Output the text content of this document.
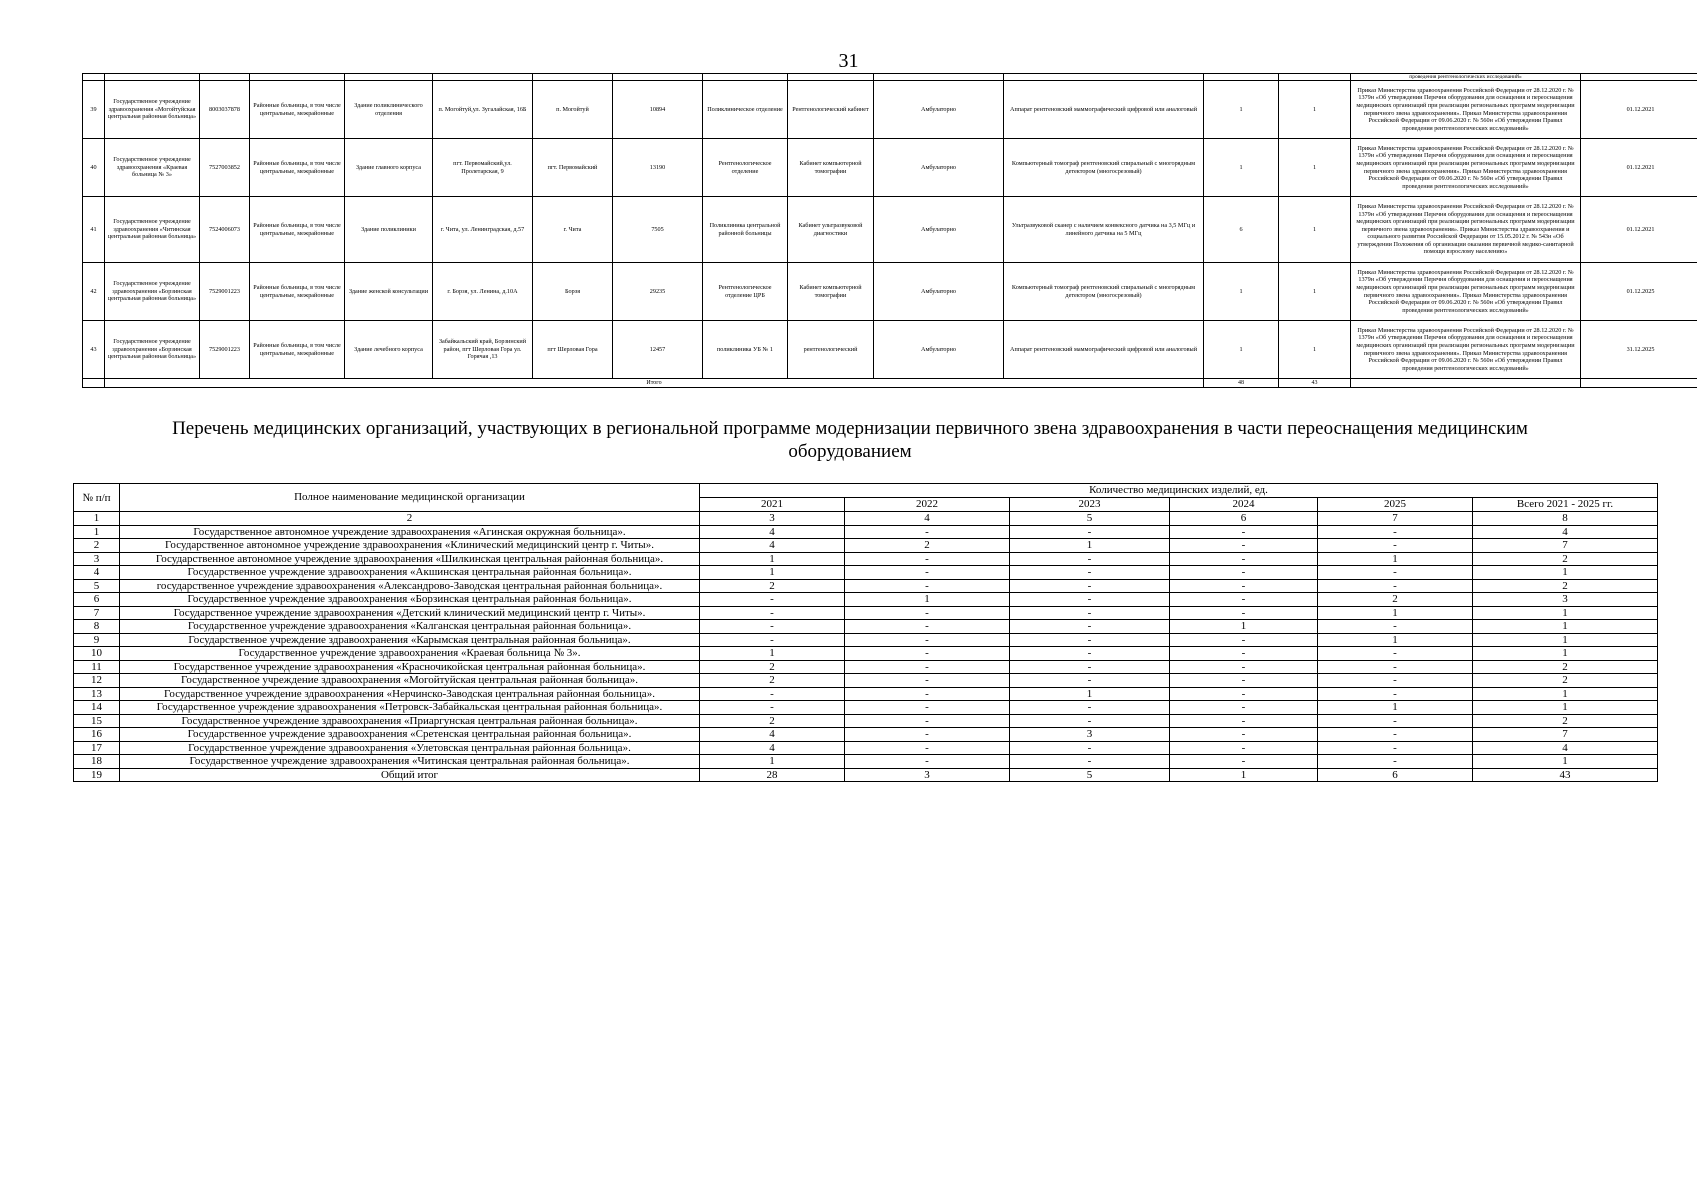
31
														проведения рентгенологических исследований»	
39	Государственное учреждение здравоохранения «Могойтуйская центральная районная больница»	8003037878	Районные больницы, в том числе центральные, межрайонные	Здание поликлинического отделения	п. Могойтуй,ул. Зугалайская, 16Б	п. Могойтуй	10894	Поликлиническое отделение	Рентгенологический кабинет	Амбулаторно	Аппарат рентгеновский маммографический цифровой или аналоговый	1	1	Приказ Министерства здравоохранения Российской Федерации от 28.12.2020 г. № 1379н «Об утверждении Перечня оборудования для оснащения и переоснащения медицинских организаций при реализации региональных программ модернизации первичного звена здравоохранения». Приказ Министерства здравоохранения Российской Федерации от 09.06.2020 г. № 560н «Об утверждении Правил проведения рентгенологических исследований»	01.12.2021
40	Государственное учреждение здравоохранения «Краевая больница № 3»	7527003852	Районные больницы, в том числе центральные, межрайонные	Здание главного корпуса	пгт. Первомайский,ул. Пролетарская, 9	пгт. Первомайский	13190	Рентгенологическое отделение	Кабинет компьютерной томографии	Амбулаторно	Компьютерный томограф рентгеновский спиральный с многорядным детектором (многосрезовый)	1	1	Приказ Министерства здравоохранения Российской Федерации от 28.12.2020 г. № 1379н «Об утверждении Перечня оборудования для оснащения и переоснащения медицинских организаций при реализации региональных программ модернизации первичного звена здравоохранения». Приказ Министерства здравоохранения Российской Федерации от 09.06.2020 г. № 560н «Об утверждении Правил проведения рентгенологических исследований»	01.12.2021
41	Государственное учреждение здравоохранения «Читинская центральная районная больница»	7524006073	Районные больницы, в том числе центральные, межрайонные	Здание поликлиники	г. Чита, ул. Ленинградская, д.57	г. Чита	7505	Поликлиника центральной районной больницы	Кабинет ультразвуковой диагностики	Амбулаторно	Ультразвуковой сканер с наличием конвексного датчика на 3,5 МГц и линейного датчика на 5 МГц	6	1	Приказ Министерства здравоохранения Российской Федерации от 28.12.2020 г. № 1379н «Об утверждении Перечня оборудования для оснащения и переоснащения медицинских организаций при реализации региональных программ модернизации первичного звена здравоохранения». Приказ Министерства здравоохранения и социального развития Российской Федерации от 15.05.2012 г. № 543н «Об утверждении Положения об организации оказания первичной медико-санитарной помощи взрослому населению»	01.12.2021
42	Государственное учреждение здравоохранения «Борзинская центральная районная больница»	7529001223	Районные больницы, в том числе центральные, межрайонные	Здание женской консультации	г. Борзя, ул. Ленина, д.10А	Борзя	29235	Рентгенологическое отделение ЦРБ	Кабинет компьютерной томографии	Амбулаторно	Компьютерный томограф рентгеновский спиральный с многорядным детектором (многосрезовый)	1	1	Приказ Министерства здравоохранения Российской Федерации от 28.12.2020 г. № 1379н «Об утверждении Перечня оборудования для оснащения и переоснащения медицинских организаций при реализации региональных программ модернизации первичного звена здравоохранения». Приказ Министерства здравоохранения Российской Федерации от 09.06.2020 г. № 560н «Об утверждении Правил проведения рентгенологических исследований»	01.12.2025
43	Государственное учреждение здравоохранения «Борзинская центральная районная больница»	7529001223	Районные больницы, в том числе центральные, межрайонные	Здание лечебного корпуса	Забайкальский край, Борзинский район, пгт Шерловая Гора ул. Горячая ,13	пгт Шерловая Гора	12457	поликлиника УБ № 1	рентгенологический	Амбулаторно	Аппарат рентгеновский маммографический цифровой или аналоговый	1	1	Приказ Министерства здравоохранения Российской Федерации от 28.12.2020 г. № 1379н «Об утверждении Перечня оборудования для оснащения и переоснащения медицинских организаций при реализации региональных программ модернизации первичного звена здравоохранения». Приказ Министерства здравоохранения Российской Федерации от 09.06.2020 г. № 560н «Об утверждении Правил проведения рентгенологических исследований»	31.12.2025
	Итого											48	43		
Перечень медицинских организаций, участвующих в региональной программе модернизации первичного звена здравоохранения в части переоснащения медицинским оборудованием
№ п/п	Полное наименование медицинской организации	Количество медицинских изделий, ед.					
		2021	2022	2023	2024	2025	Всего 2021 - 2025 гг.
1	2	3	4	5	6	7	8
1	Государственное автономное учреждение здравоохранения «Агинская окружная больница».	4	-	-	-	-	4
2	Государственное автономное учреждение здравоохранения «Клинический медицинский центр г. Читы».	4	2	1	-	-	7
3	Государственное автономное учреждение здравоохранения «Шилкинская центральная районная больница».	1	-	-	-	1	2
4	Государственное учреждение здравоохранения «Акшинская центральная районная больница».	1	-	-	-	-	1
5	государственное учреждение здравоохранения «Александрово-Заводская центральная районная больница».	2	-	-	-	-	2
6	Государственное учреждение здравоохранения «Борзинская центральная районная больница».	-	1	-	-	2	3
7	Государственное учреждение здравоохранения «Детский клинический медицинский центр г. Читы».	-	-	-	-	1	1
8	Государственное учреждение здравоохранения «Калганская центральная районная больница».	-	-	-	1	-	1
9	Государственное учреждение здравоохранения «Карымская центральная районная больница».	-	-	-	-	1	1
10	Государственное учреждение здравоохранения «Краевая больница № 3».	1	-	-	-	-	1
11	Государственное учреждение здравоохранения «Красночикойская центральная районная больница».	2	-	-	-	-	2
12	Государственное учреждение здравоохранения «Могойтуйская центральная районная больница».	2	-	-	-	-	2
13	Государственное учреждение здравоохранения «Нерчинско-Заводская центральная районная больница».	-	-	1	-	-	1
14	Государственное учреждение здравоохранения «Петровск-Забайкальская центральная районная больница».	-	-	-	-	1	1
15	Государственное учреждение здравоохранения «Приаргунская центральная районная больница».	2	-	-	-	-	2
16	Государственное учреждение здравоохранения «Сретенская центральная районная больница».	4	-	3	-	-	7
17	Государственное учреждение здравоохранения «Улетовская центральная районная больница».	4	-	-	-	-	4
18	Государственное учреждение здравоохранения «Читинская центральная районная больница».	1	-	-	-	-	1
19	Общий итог	28	3	5	1	6	43
